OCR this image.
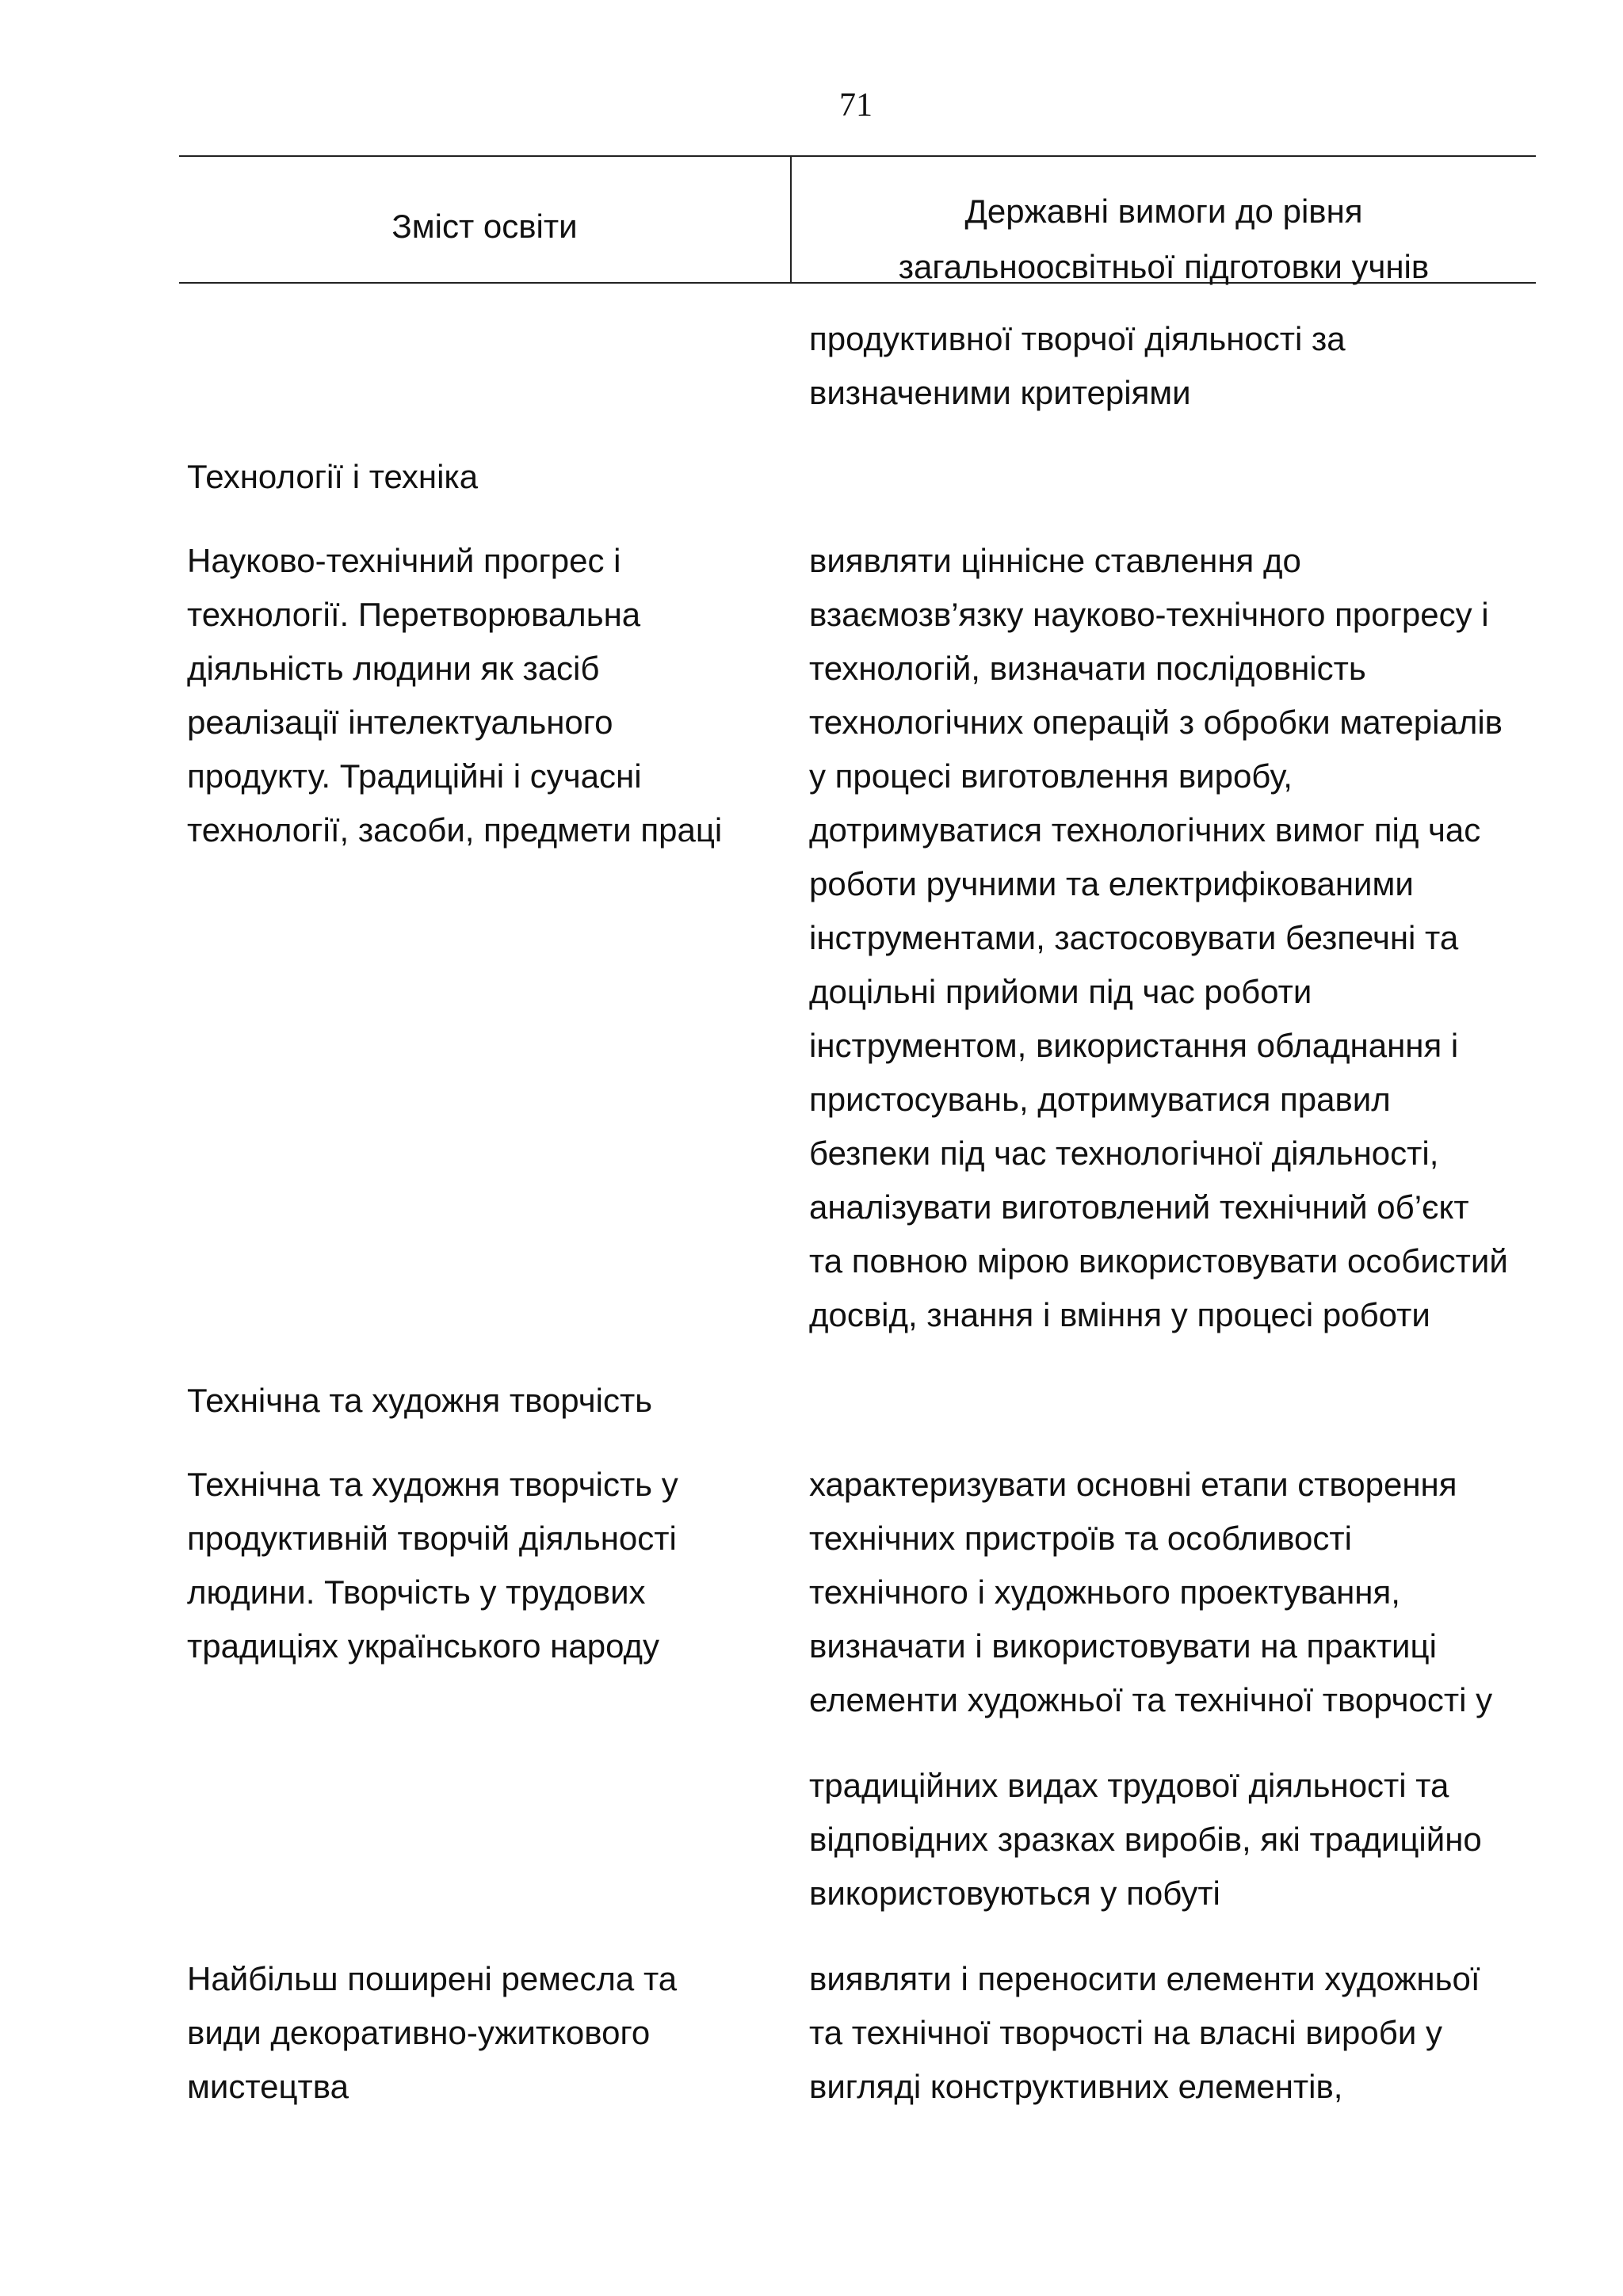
71
Зміст освіти	Державні вимоги до рівня
загальноосвітньої підготовки учнів
продуктивної творчої діяльності за
визначеними критеріями
Технології і техніка
Науково-технічний прогрес і
технології. Перетворювальна
діяльність людини як засіб
реалізації інтелектуального
продукту. Традиційні і сучасні
технології, засоби, предмети праці
виявляти ціннісне ставлення до
взаємозв’язку науково-технічного прогресу і
технологій, визначати послідовність
технологічних операцій з обробки матеріалів
у процесі виготовлення виробу,
дотримуватися технологічних вимог під час
роботи ручними та електрифікованими
інструментами, застосовувати безпечні та
доцільні прийоми під час роботи
інструментом, використання обладнання і
пристосувань, дотримуватися правил
безпеки під час технологічної діяльності,
аналізувати виготовлений технічний об’єкт
та повною мірою використовувати особистий
досвід, знання і вміння у процесі роботи
Технічна та художня творчість
Технічна та художня творчість у
продуктивній творчій діяльності
людини. Творчість у трудових
традиціях українського народу
характеризувати основні етапи створення
технічних пристроїв та особливості
технічного і художнього проектування,
визначати і використовувати на практиці
елементи художньої та технічної творчості у
традиційних видах трудової діяльності та
відповідних зразках виробів, які традиційно
використовуються у побуті
Найбільш поширені ремесла та
види декоративно-ужиткового
мистецтва
виявляти і переносити елементи художньої
та технічної творчості на власні вироби у
вигляді конструктивних елементів,
